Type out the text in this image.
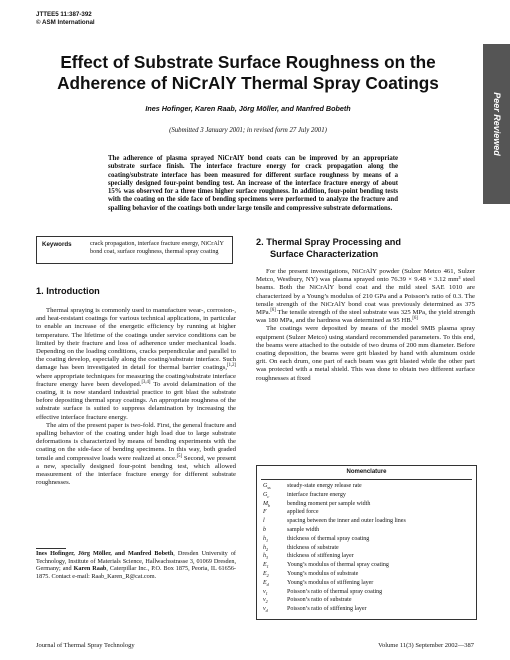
JTTEE5 11:387-392
© ASM International
Peer Reviewed
Effect of Substrate Surface Roughness on the
Adherence of NiCrAlY Thermal Spray Coatings
Ines Hofinger, Karen Raab, Jörg Möller, and Manfred Bobeth
(Submitted 3 January 2001; in revised form 27 July 2001)
The adherence of plasma sprayed NiCrAlY bond coats can be improved by an appropriate substrate surface finish. The interface fracture energy for crack propagation along the coating/substrate interface has been measured for different surface roughness by means of a specially designed four-point bending test. An increase of the interface fracture energy of about 15% was observed for a three times higher surface roughness. In addition, four-point bending tests with the coating on the side face of bending specimens were performed to analyze the fracture and spalling behavior of the coatings both under large tensile and compressive substrate deformations.
Keywords	crack propagation, interface fracture energy, NiCrAlY bond coat, surface roughness, thermal spray coating
1. Introduction

Thermal spraying is commonly used to manufacture wear-, corrosion-, and heat-resistant coatings for various technical applications, in particular to enable an increase of the energetic efficiency by running at higher temperature. The lifetime of the coatings under service conditions can be limited by their fracture and loss of adherence under mechanical loads. Depending on the loading conditions, cracks perpendicular and parallel to the coating develop, especially along the coating/substrate interface. Such damage has been investigated in detail for thermal barrier coatings,[1,2] where appropriate techniques for measuring the coating/substrate interface fracture energy have been developed.[3,4] To avoid delamination of the coating, it is now standard industrial practice to grit blast the substrate before depositing thermal spray coatings. An appropriate roughness of the substrate surface is suited to suppress delamination by increasing the effective interface fracture energy.

The aim of the present paper is two-fold. First, the general fracture and spalling behavior of the coating under high load due to large substrate deformations is characterized by means of bending experiments with the coating on the side-face of bending specimens. In this way, both graded tensile and compressive loads were realized at once.[5] Second, we present a new, specially designed four-point bending test, which allowed measurement of the interface fracture energy for different substrate roughnesses.

Ines Hofinger, Jörg Möller, and Manfred Bobeth, Dresden University of Technology, Institute of Materials Science, Hallwachsstrasse 3, 01069 Dresden, Germany; and Karen Raab, Caterpillar Inc., P.O. Box 1875, Peoria, IL 61656-1875. Contact e-mail: Raab_Karen_R@cat.com.
2. Thermal Spray Processing and
Surface Characterization

For the present investigations, NiCrAlY powder (Sulzer Metco 461, Sulzer Metco, Westbury, NY) was plasma sprayed onto 76.39 × 9.48 × 3.12 mm³ steel beams. Both the NiCrAlY bond coat and the mild steel SAE 1010 are characterized by a Young’s modulus of 210 GPa and a Poisson’s ratio of 0.3. The tensile strength of the NiCrAlY bond coat was previously determined as 375 MPa.[6] The tensile strength of the steel substrate was 325 MPa, the yield strength was 180 MPa, and the hardness was determined as 95 HB.[6]

The coatings were deposited by means of the model 9MB plasma spray equipment (Sulzer Metco) using standard recommended parameters. To this end, the beams were attached to the outside of two drums of 200 mm diameter. Before coating deposition, the beams were grit blasted by hand with aluminum oxide grit. On each drum, one part of each beam was grit blasted while the other part was protected with a metal shield. This was done to obtain two different surface roughnesses at fixed

Nomenclature
$G_{ss}$	steady-state energy release rate
$G_c$	interface fracture energy
$M_b$	bending moment per sample width
F	applied force
l	spacing between the inner and outer loading lines
b	sample width
$h_1$	thickness of thermal spray coating
$h_2$	thickness of substrate
$h_3$	thickness of stiffening layer
$E_1$	Young’s modulus of thermal spray coating
$E_2$	Young’s modulus of substrate
$E_d$	Young’s modulus of stiffening layer
$\nu_1$	Poisson’s ratio of thermal spray coating
$\nu_2$	Poisson’s ratio of substrate
$\nu_d$	Poisson’s ratio of stiffening layer
Journal of Thermal Spray Technology	Volume 11(3) September 2002—387
